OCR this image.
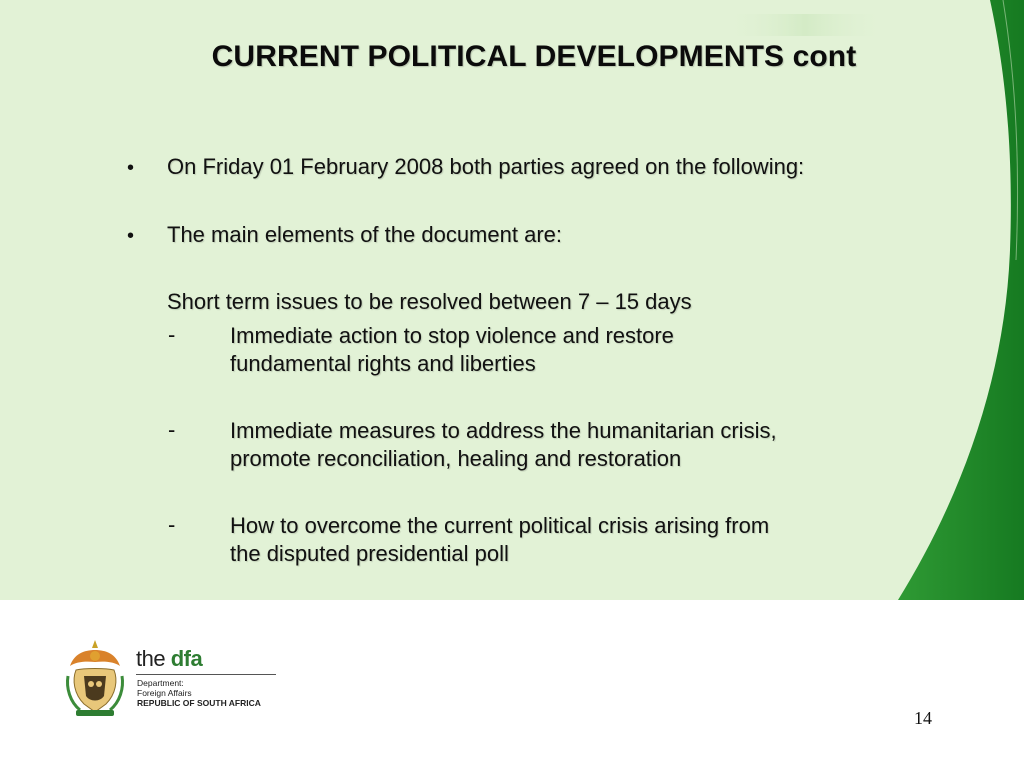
CURRENT POLITICAL DEVELOPMENTS cont
•	On Friday 01 February 2008 both parties agreed on the following:
•	The main elements of the document are:
Short term issues to be resolved between 7 – 15 days
-	Immediate action to stop violence and restore
fundamental rights and liberties
-	Immediate measures to address the humanitarian crisis,
promote reconciliation, healing and restoration
-	How to overcome the current political crisis arising from
the disputed presidential poll
the dfa
Department:
Foreign Affairs
REPUBLIC OF SOUTH AFRICA
14
